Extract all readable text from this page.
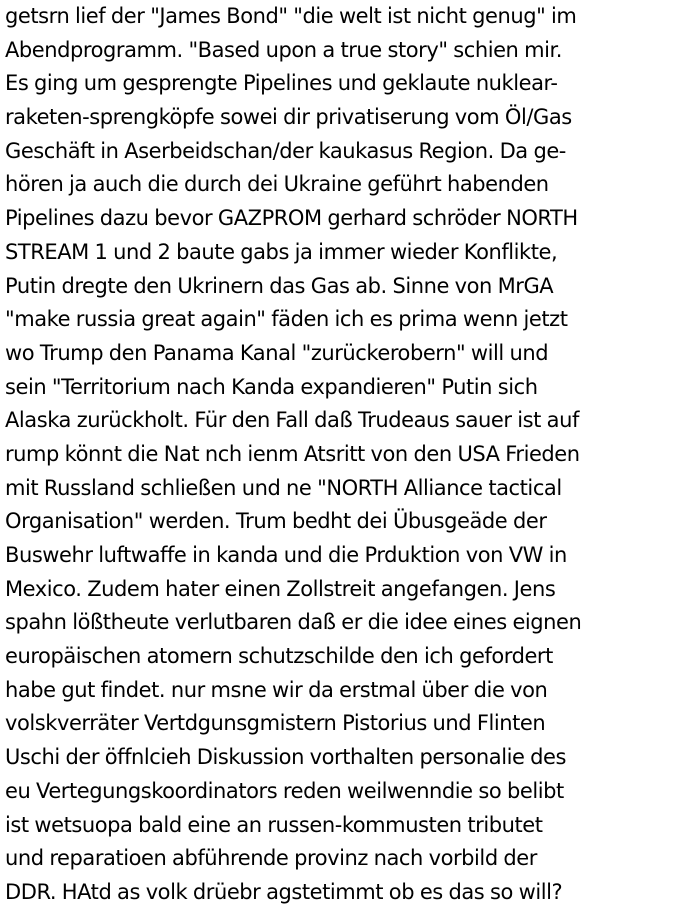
getsrn lief der "James Bond" "die welt ist nicht genug" im
Abendprogramm. "Based upon a true story" schien mir.
Es ging um gesprengte Pipelines und geklaute nuklear-
raketen-sprengköpfe sowei dir privatiserung vom Öl/Gas
Geschäft in Aserbeidschan/der kaukasus Region. Da ge-
hören ja auch die durch dei Ukraine geführt habenden
Pipelines dazu bevor GAZPROM gerhard schröder NORTH
STREAM 1 und 2 baute gabs ja immer wieder Konflikte,
Putin dregte den Ukrinern das Gas ab. Sinne von MrGA
"make russia great again" fäden ich es prima wenn jetzt
wo Trump den Panama Kanal "zurückerobern" will und
sein "Territorium nach Kanda expandieren" Putin sich
Alaska zurückholt. Für den Fall daß Trudeaus sauer ist auf
rump könnt die Nat nch ienm Atsritt von den USA Frieden
mit Russland schließen und ne "NORTH Alliance tactical
Organisation" werden. Trum bedht dei Übusgeäde der
Buswehr luftwaffe in kanda und die Prduktion von VW in
Mexico. Zudem hater einen Zollstreit angefangen. Jens
spahn lößtheute verlutbaren daß er die idee eines eignen
europäischen atomern schutzschilde den ich gefordert
habe gut findet. nur msne wir da erstmal über die von
volskverräter Vertdgunsgmistern Pistorius und Flinten
Uschi der öffnlcieh Diskussion vorthalten personalie des
eu Vertegungskoordinators reden weilwenndie so belibt
ist wetsuopa bald eine an russen-kommusten tributet
und reparatioen abführende provinz nach vorbild der
DDR. HAtd as volk drüebr agstetimmt ob es das so will?
